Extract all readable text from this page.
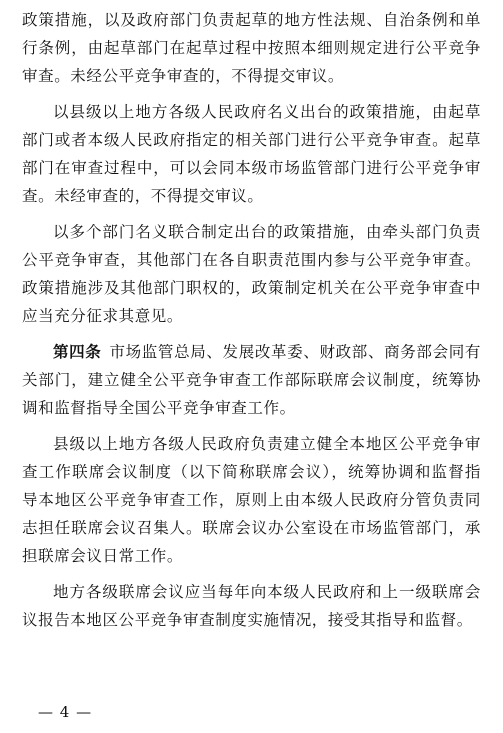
政策措施，以及政府部门负责起草的地方性法规、自治条例和单行条例，由起草部门在起草过程中按照本细则规定进行公平竞争审查。未经公平竞争审查的，不得提交审议。

以县级以上地方各级人民政府名义出台的政策措施，由起草部门或者本级人民政府指定的相关部门进行公平竞争审查。起草部门在审查过程中，可以会同本级市场监管部门进行公平竞争审查。未经审查的，不得提交审议。

以多个部门名义联合制定出台的政策措施，由牵头部门负责公平竞争审查，其他部门在各自职责范围内参与公平竞争审查。政策措施涉及其他部门职权的，政策制定机关在公平竞争审查中应当充分征求其意见。

第四条 市场监管总局、发展改革委、财政部、商务部会同有关部门，建立健全公平竞争审查工作部际联席会议制度，统筹协调和监督指导全国公平竞争审查工作。

县级以上地方各级人民政府负责建立健全本地区公平竞争审查工作联席会议制度（以下简称联席会议），统筹协调和监督指导本地区公平竞争审查工作，原则上由本级人民政府分管负责同志担任联席会议召集人。联席会议办公室设在市场监管部门，承担联席会议日常工作。

地方各级联席会议应当每年向本级人民政府和上一级联席会议报告本地区公平竞争审查制度实施情况，接受其指导和监督。

— 4 —
